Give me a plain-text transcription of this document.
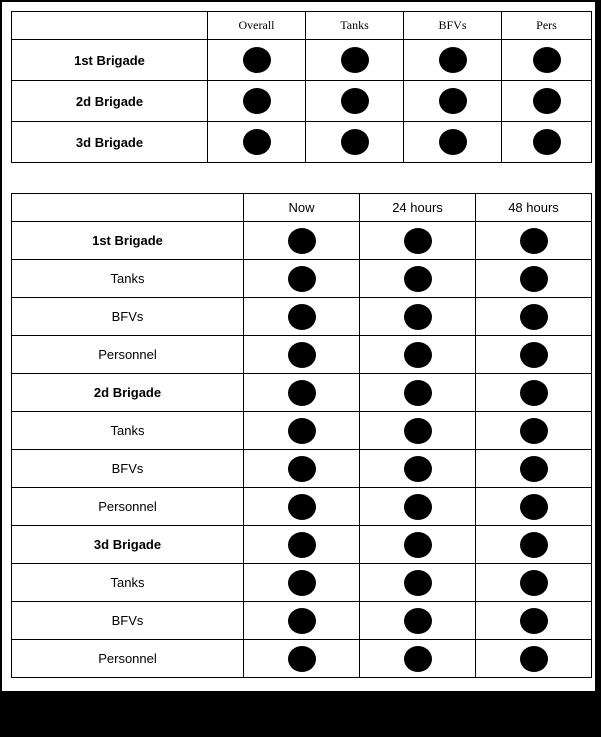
	Overall	Tanks	BFVs	Pers
1st Brigade				
2d Brigade				
3d Brigade				
	Now	24 hours	48 hours
1st Brigade			
Tanks			
BFVs			
Personnel			
2d Brigade			
Tanks			
BFVs			
Personnel			
3d Brigade			
Tanks			
BFVs			
Personnel			
